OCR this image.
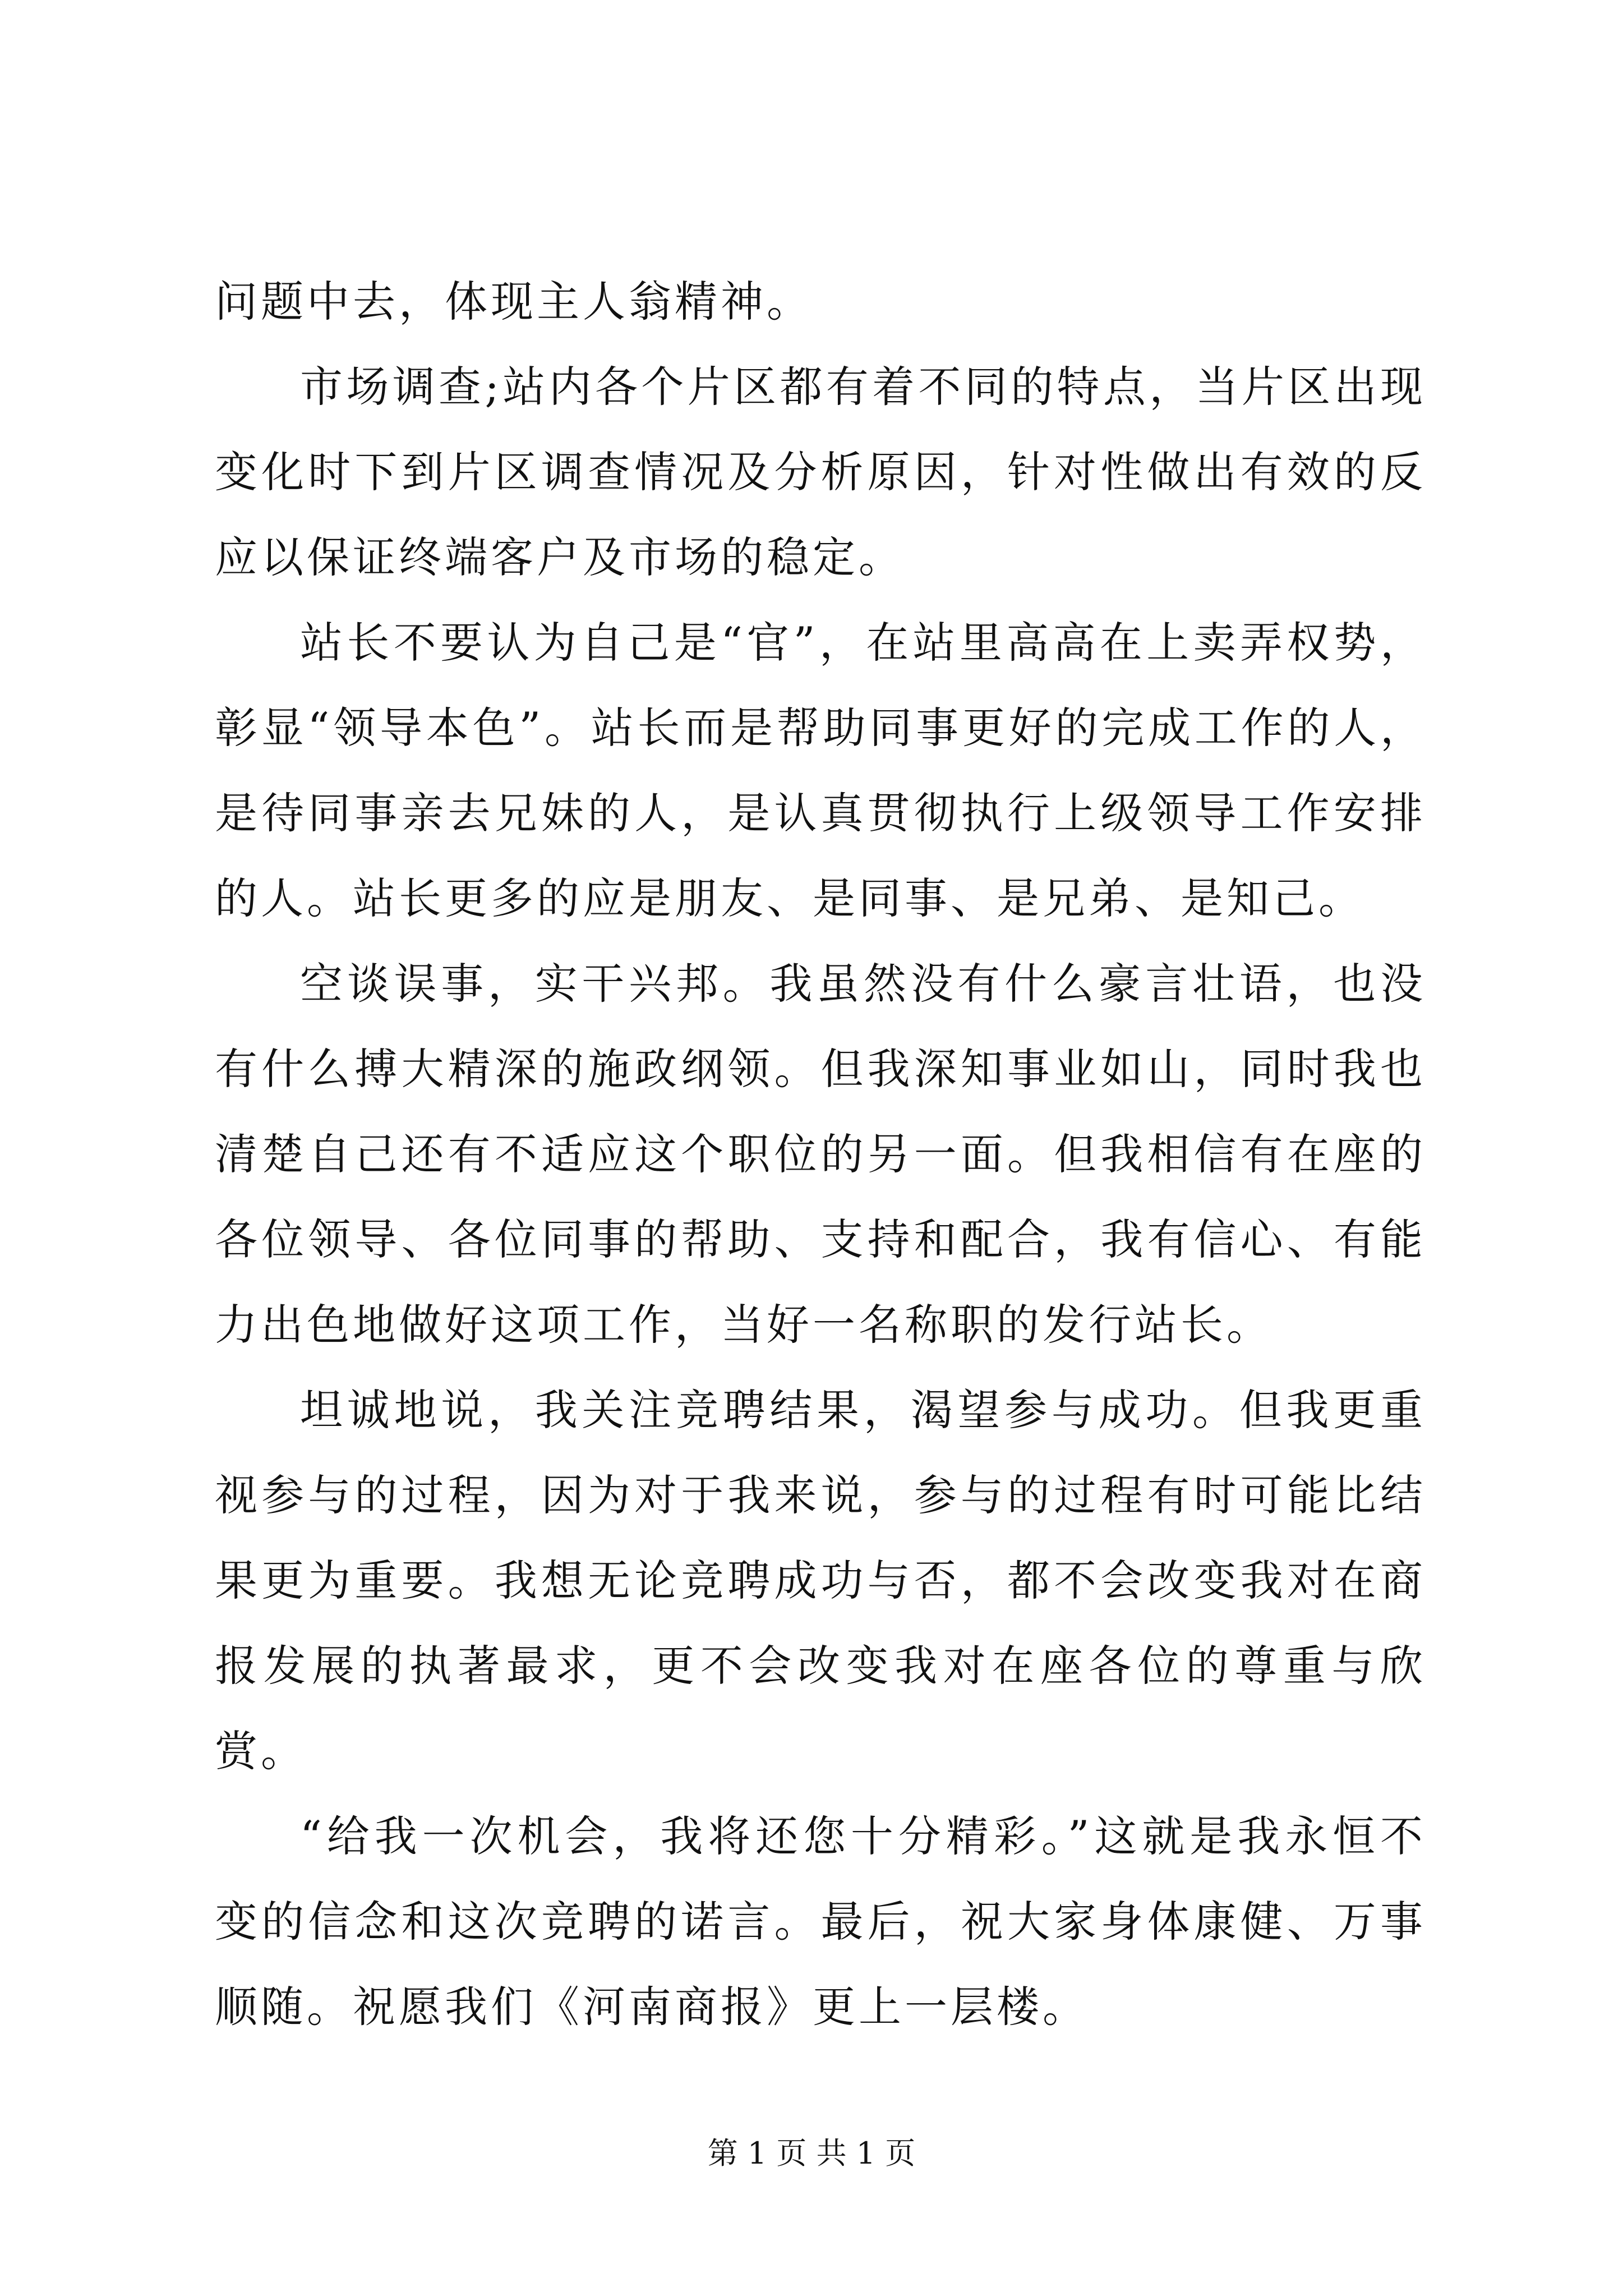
问题中去，体现主人翁精神。

市场调查;站内各个片区都有着不同的特点，当片区出现变化时下到片区调查情况及分析原因，针对性做出有效的反应以保证终端客户及市场的稳定。

站长不要认为自己是“官”，在站里高高在上卖弄权势，彰显“领导本色”。站长而是帮助同事更好的完成工作的人，是待同事亲去兄妹的人，是认真贯彻执行上级领导工作安排的人。站长更多的应是朋友、是同事、是兄弟、是知己。

空谈误事，实干兴邦。我虽然没有什么豪言壮语，也没有什么搏大精深的施政纲领。但我深知事业如山，同时我也清楚自己还有不适应这个职位的另一面。但我相信有在座的各位领导、各位同事的帮助、支持和配合，我有信心、有能力出色地做好这项工作，当好一名称职的发行站长。

坦诚地说，我关注竞聘结果，渴望参与成功。但我更重视参与的过程，因为对于我来说，参与的过程有时可能比结果更为重要。我想无论竞聘成功与否，都不会改变我对在商报发展的执著最求，更不会改变我对在座各位的尊重与欣赏。

“给我一次机会，我将还您十分精彩。”这就是我永恒不变的信念和这次竞聘的诺言。最后，祝大家身体康健、万事顺随。祝愿我们《河南商报》更上一层楼。

第 1 页 共 1 页
